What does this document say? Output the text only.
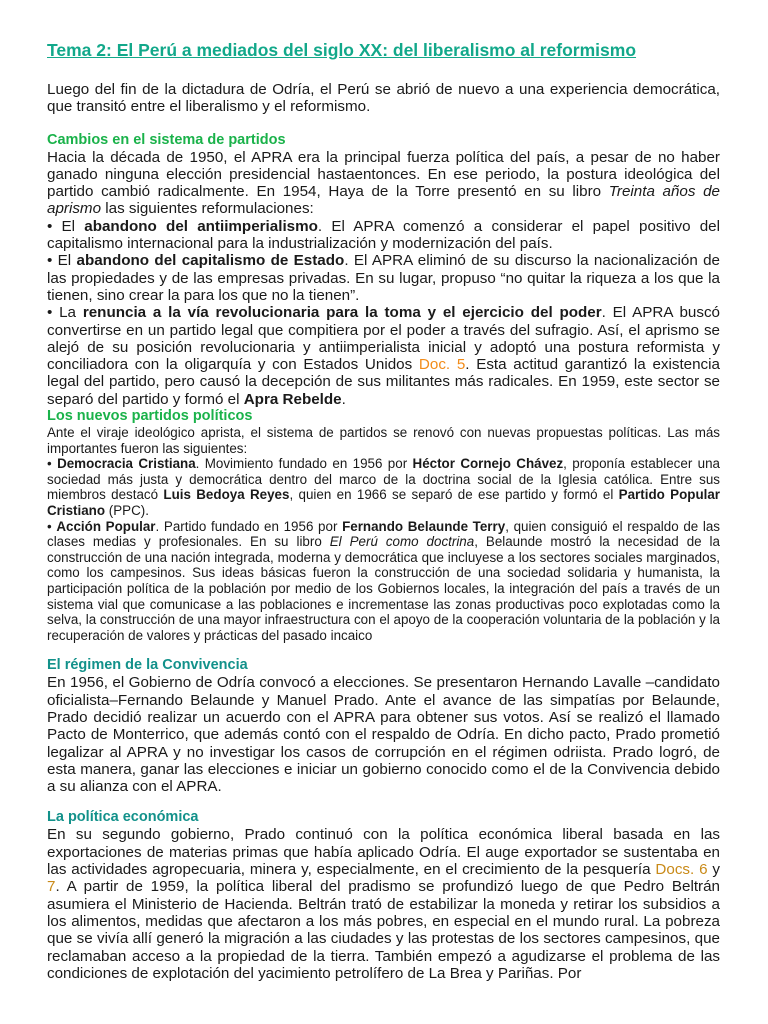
Tema 2: El Perú a mediados del siglo XX: del liberalismo al reformismo

Luego del fin de la dictadura de Odría, el Perú se abrió de nuevo a una experiencia democrática, que transitó entre el liberalismo y el reformismo.

Cambios en el sistema de partidos

Hacia la década de 1950, el APRA era la principal fuerza política del país, a pesar de no haber ganado ninguna elección presidencial hastaentonces. En ese periodo, la postura ideológica del partido cambió radicalmente. En 1954, Haya de la Torre presentó en su libro Treinta años de aprismo las siguientes reformulaciones:

• El abandono del antiimperialismo. El APRA comenzó a considerar el papel positivo del capitalismo internacional para la industrialización y modernización del país.

• El abandono del capitalismo de Estado. El APRA eliminó de su discurso la nacionalización de las propiedades y de las empresas privadas. En su lugar, propuso “no quitar la riqueza a los que la tienen, sino crear la para los que no la tienen”.

• La renuncia a la vía revolucionaria para la toma y el ejercicio del poder. El APRA buscó convertirse en un partido legal que compitiera por el poder a través del sufragio. Así, el aprismo se alejó de su posición revolucionaria y antiimperialista inicial y adoptó una postura reformista y conciliadora con la oligarquía y con Estados Unidos Doc. 5. Esta actitud garantizó la existencia legal del partido, pero causó la decepción de sus militantes más radicales. En 1959, este sector se separó del partido y formó el Apra Rebelde.

Los nuevos partidos políticos

Ante el viraje ideológico aprista, el sistema de partidos se renovó con nuevas propuestas políticas. Las más importantes fueron las siguientes:

• Democracia Cristiana. Movimiento fundado en 1956 por Héctor Cornejo Chávez, proponía establecer una sociedad más justa y democrática dentro del marco de la doctrina social de la Iglesia católica. Entre sus miembros destacó Luis Bedoya Reyes, quien en 1966 se separó de ese partido y formó el Partido Popular Cristiano (PPC).

• Acción Popular. Partido fundado en 1956 por Fernando Belaunde Terry, quien consiguió el respaldo de las clases medias y profesionales. En su libro El Perú como doctrina, Belaunde mostró la necesidad de la construcción de una nación integrada, moderna y democrática que incluyese a los sectores sociales marginados, como los campesinos. Sus ideas básicas fueron la construcción de una sociedad solidaria y humanista, la participación política de la población por medio de los Gobiernos locales, la integración del país a través de un sistema vial que comunicase a las poblaciones e incrementase las zonas productivas poco explotadas como la selva, la construcción de una mayor infraestructura con el apoyo de la cooperación voluntaria de la población y la recuperación de valores y prácticas del pasado incaico

El régimen de la Convivencia

En 1956, el Gobierno de Odría convocó a elecciones. Se presentaron Hernando Lavalle –candidato oficialista–Fernando Belaunde y Manuel Prado. Ante el avance de las simpatías por Belaunde, Prado decidió realizar un acuerdo con el APRA para obtener sus votos. Así se realizó el llamado Pacto de Monterrico, que además contó con el respaldo de Odría. En dicho pacto, Prado prometió legalizar al APRA y no investigar los casos de corrupción en el régimen odriista. Prado logró, de esta manera, ganar las elecciones e iniciar un gobierno conocido como el de la Convivencia debido a su alianza con el APRA.

La política económica

En su segundo gobierno, Prado continuó con la política económica liberal basada en las exportaciones de materias primas que había aplicado Odría. El auge exportador se sustentaba en las actividades agropecuaria, minera y, especialmente, en el crecimiento de la pesquería Docs. 6 y 7. A partir de 1959, la política liberal del pradismo se profundizó luego de que Pedro Beltrán asumiera el Ministerio de Hacienda. Beltrán trató de estabilizar la moneda y retirar los subsidios a los alimentos, medidas que afectaron a los más pobres, en especial en el mundo rural. La pobreza que se vivía allí generó la migración a las ciudades y las protestas de los sectores campesinos, que reclamaban acceso a la propiedad de la tierra. También empezó a agudizarse el problema de las condiciones de explotación del yacimiento petrolífero de La Brea y Pariñas. Por
